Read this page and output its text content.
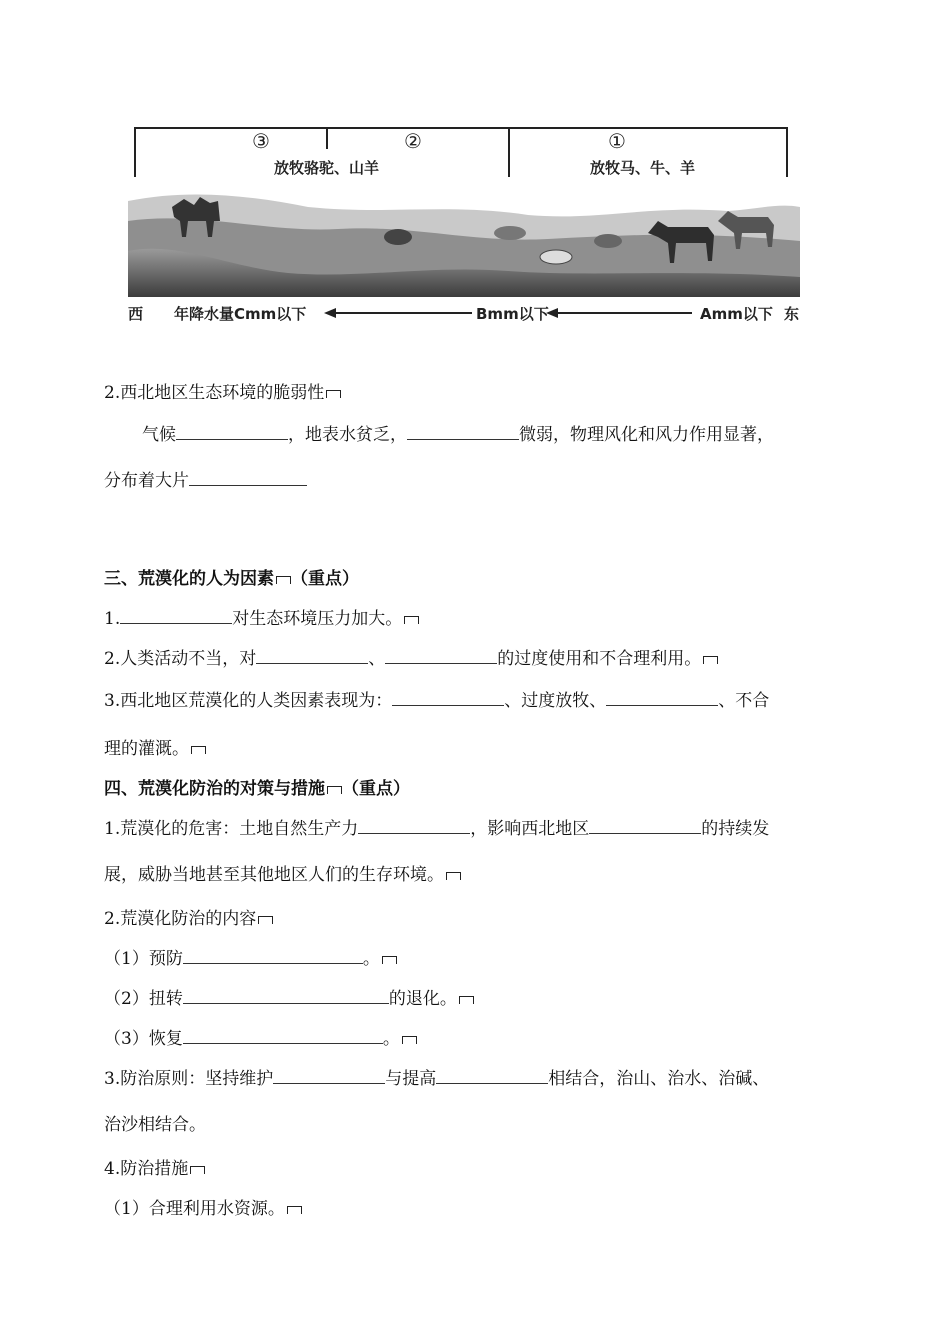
③	②	①
放牧骆驼、山羊	放牧马、牛、羊
西 年降水量Cmm以下	Bmm以下	Amm以下 东
2.西北地区生态环境的脆弱性
气候	，地表水贫乏，	微弱，物理风化和风力作用显著，
分布着大片
三、荒漠化的人为因素 （重点）
1.	对生态环境压力加大。
2.人类活动不当，对	、	的过度使用和不合理利用。
3.西北地区荒漠化的人类因素表现为：	、过度放牧、	、不合
理的灌溉。
四、荒漠化防治的对策与措施 （重点）
1.荒漠化的危害：土地自然生产力	，影响西北地区	的持续发
展，威胁当地甚至其他地区人们的生存环境。
2.荒漠化防治的内容
（1）预防	。
（2）扭转	的退化。
（3）恢复	。
3.防治原则：坚持维护	与提高	相结合，治山、治水、治碱、
治沙相结合。
4.防治措施
（1）合理利用水资源。
